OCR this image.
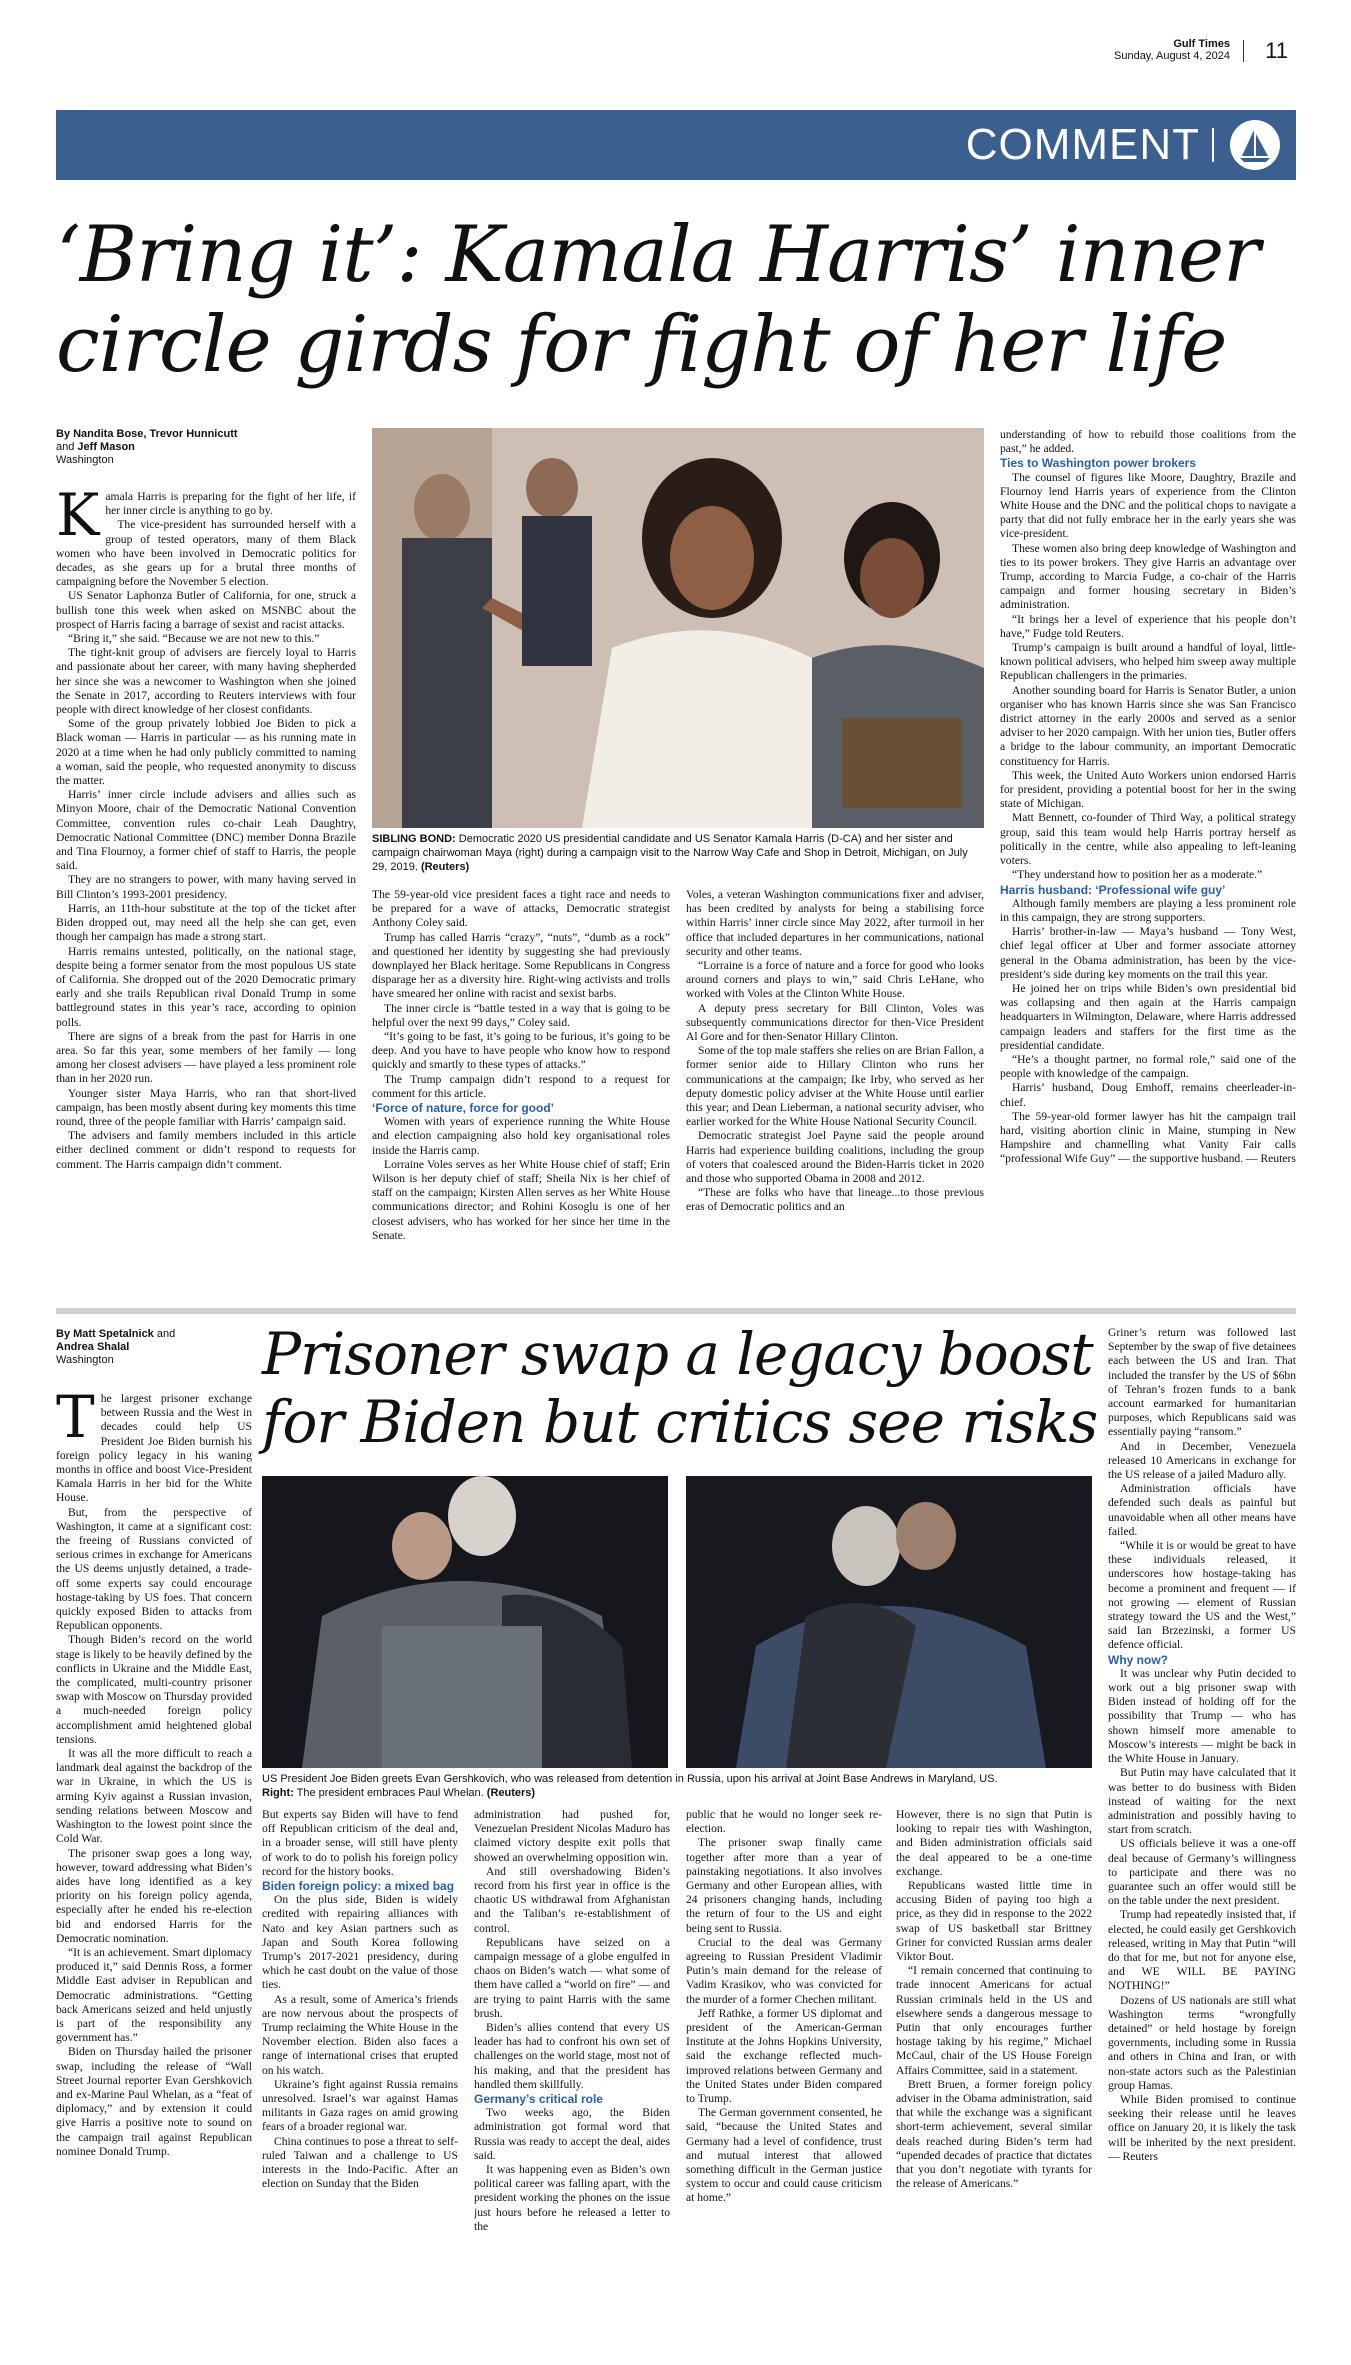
Gulf Times
Sunday, August 4, 2024 11
COMMENT
‘Bring it’: Kamala Harris’ inner
circle girds for fight of her life
By Nandita Bose, Trevor Hunnicutt
and Jeff Mason
Washington
K amala Harris is preparing for the fight of her life, if her inner circle is anything to go by.

The vice-president has surrounded herself with a group of tested operators, many of them Black women who have been involved in Democratic politics for decades, as she gears up for a brutal three months of campaigning before the November 5 election.

US Senator Laphonza Butler of California, for one, struck a bullish tone this week when asked on MSNBC about the prospect of Harris facing a barrage of sexist and racist attacks.

“Bring it,” she said. “Because we are not new to this.”

The tight-knit group of advisers are fiercely loyal to Harris and passionate about her career, with many having shepherded her since she was a newcomer to Washington when she joined the Senate in 2017, according to Reuters interviews with four people with direct knowledge of her closest confidants.

Some of the group privately lobbied Joe Biden to pick a Black woman — Harris in particular — as his running mate in 2020 at a time when he had only publicly committed to naming a woman, said the people, who requested anonymity to discuss the matter.

Harris’ inner circle include advisers and allies such as Minyon Moore, chair of the Democratic National Convention Committee, convention rules co-chair Leah Daughtry, Democratic National Committee (DNC) member Donna Brazile and Tina Flournoy, a former chief of staff to Harris, the people said.

They are no strangers to power, with many having served in Bill Clinton’s 1993-2001 presidency.

Harris, an 11th-hour substitute at the top of the ticket after Biden dropped out, may need all the help she can get, even though her campaign has made a strong start.

Harris remains untested, politically, on the national stage, despite being a former senator from the most populous US state of California. She dropped out of the 2020 Democratic primary early and she trails Republican rival Donald Trump in some battleground states in this year’s race, according to opinion polls.

There are signs of a break from the past for Harris in one area. So far this year, some members of her family — long among her closest advisers — have played a less prominent role than in her 2020 run.

Younger sister Maya Harris, who ran that short-lived campaign, has been mostly absent during key moments this time round, three of the people familiar with Harris’ campaign said.

The advisers and family members included in this article either declined comment or didn’t respond to requests for comment. The Harris campaign didn’t comment.

SIBLING BOND: Democratic 2020 US presidential candidate and US Senator Kamala Harris (D-CA) and her sister and campaign chairwoman Maya (right) during a campaign visit to the Narrow Way Cafe and Shop in Detroit, Michigan, on July 29, 2019. (Reuters)

The 59-year-old vice president faces a tight race and needs to be prepared for a wave of attacks, Democratic strategist Anthony Coley said.

Trump has called Harris “crazy”, “nuts”, “dumb as a rock” and questioned her identity by suggesting she had previously downplayed her Black heritage. Some Republicans in Congress disparage her as a diversity hire. Right-wing activists and trolls have smeared her online with racist and sexist barbs.

The inner circle is “battle tested in a way that is going to be helpful over the next 99 days,” Coley said.

“It’s going to be fast, it’s going to be furious, it’s going to be deep. And you have to have people who know how to respond quickly and smartly to these types of attacks.”

The Trump campaign didn’t respond to a request for comment for this article.

‘Force of nature, force for good’

Women with years of experience running the White House and election campaigning also hold key organisational roles inside the Harris camp.

Lorraine Voles serves as her White House chief of staff; Erin Wilson is her deputy chief of staff; Sheila Nix is her chief of staff on the campaign; Kirsten Allen serves as her White House communications director; and Rohini Kosoglu is one of her closest advisers, who has worked for her since her time in the Senate.

Voles, a veteran Washington communications fixer and adviser, has been credited by analysts for being a stabilising force within Harris’ inner circle since May 2022, after turmoil in her office that included departures in her communications, national security and other teams.

“Lorraine is a force of nature and a force for good who looks around corners and plays to win,” said Chris LeHane, who worked with Voles at the Clinton White House.

A deputy press secretary for Bill Clinton, Voles was subsequently communications director for then-Vice President Al Gore and for then-Senator Hillary Clinton.

Some of the top male staffers she relies on are Brian Fallon, a former senior aide to Hillary Clinton who runs her communications at the campaign; Ike Irby, who served as her deputy domestic policy adviser at the White House until earlier this year; and Dean Lieberman, a national security adviser, who earlier worked for the White House National Security Council.

Democratic strategist Joel Payne said the people around Harris had experience building coalitions, including the group of voters that coalesced around the Biden-Harris ticket in 2020 and those who supported Obama in 2008 and 2012.

“These are folks who have that lineage...to those previous eras of Democratic politics and an

understanding of how to rebuild those coalitions from the past,” he added.

Ties to Washington power brokers

The counsel of figures like Moore, Daughtry, Brazile and Flournoy lend Harris years of experience from the Clinton White House and the DNC and the political chops to navigate a party that did not fully embrace her in the early years she was vice-president.

These women also bring deep knowledge of Washington and ties to its power brokers. They give Harris an advantage over Trump, according to Marcia Fudge, a co-chair of the Harris campaign and former housing secretary in Biden’s administration.

“It brings her a level of experience that his people don’t have,” Fudge told Reuters.

Trump’s campaign is built around a handful of loyal, little-known political advisers, who helped him sweep away multiple Republican challengers in the primaries.

Another sounding board for Harris is Senator Butler, a union organiser who has known Harris since she was San Francisco district attorney in the early 2000s and served as a senior adviser to her 2020 campaign. With her union ties, Butler offers a bridge to the labour community, an important Democratic constituency for Harris.

This week, the United Auto Workers union endorsed Harris for president, providing a potential boost for her in the swing state of Michigan.

Matt Bennett, co-founder of Third Way, a political strategy group, said this team would help Harris portray herself as politically in the centre, while also appealing to left-leaning voters.

“They understand how to position her as a moderate.”

Harris husband: ‘Professional wife guy’

Although family members are playing a less prominent role in this campaign, they are strong supporters.

Harris’ brother-in-law — Maya’s husband — Tony West, chief legal officer at Uber and former associate attorney general in the Obama administration, has been by the vice-president’s side during key moments on the trail this year.

He joined her on trips while Biden’s own presidential bid was collapsing and then again at the Harris campaign headquarters in Wilmington, Delaware, where Harris addressed campaign leaders and staffers for the first time as the presidential candidate.

“He’s a thought partner, no formal role,” said one of the people with knowledge of the campaign.

Harris’ husband, Doug Emhoff, remains cheerleader-in-chief.

The 59-year-old former lawyer has hit the campaign trail hard, visiting abortion clinic in Maine, stumping in New Hampshire and channelling what Vanity Fair calls “professional Wife Guy” — the supportive husband. — Reuters

By Matt Spetalnick and
Andrea Shalal
Washington	Prisoner swap a legacy boost
for Biden but critics see risks
US President Joe Biden greets Evan Gershkovich, who was released from detention in Russia, upon his arrival at Joint Base Andrews in Maryland, US.
Right: The president embraces Paul Whelan. (Reuters)
T he largest prisoner exchange between Russia and the West in decades could help US President Joe Biden burnish his foreign policy legacy in his waning months in office and boost Vice-President Kamala Harris in her bid for the White House.

But, from the perspective of Washington, it came at a significant cost: the freeing of Russians convicted of serious crimes in exchange for Americans the US deems unjustly detained, a trade-off some experts say could encourage hostage-taking by US foes. That concern quickly exposed Biden to attacks from Republican opponents.

Though Biden’s record on the world stage is likely to be heavily defined by the conflicts in Ukraine and the Middle East, the complicated, multi-country prisoner swap with Moscow on Thursday provided a much-needed foreign policy accomplishment amid heightened global tensions.

It was all the more difficult to reach a landmark deal against the backdrop of the war in Ukraine, in which the US is arming Kyiv against a Russian invasion, sending relations between Moscow and Washington to the lowest point since the Cold War.

The prisoner swap goes a long way, however, toward addressing what Biden’s aides have long identified as a key priority on his foreign policy agenda, especially after he ended his re-election bid and endorsed Harris for the Democratic nomination.

“It is an achievement. Smart diplomacy produced it,” said Dennis Ross, a former Middle East adviser in Republican and Democratic administrations. “Getting back Americans seized and held unjustly is part of the responsibility any government has.”

Biden on Thursday hailed the prisoner swap, including the release of “Wall Street Journal reporter Evan Gershkovich and ex-Marine Paul Whelan, as a “feat of diplomacy,” and by extension it could give Harris a positive note to sound on the campaign trail against Republican nominee Donald Trump.

But experts say Biden will have to fend off Republican criticism of the deal and, in a broader sense, will still have plenty of work to do to polish his foreign policy record for the history books.

Biden foreign policy: a mixed bag

On the plus side, Biden is widely credited with repairing alliances with Nato and key Asian partners such as Japan and South Korea following Trump’s 2017-2021 presidency, during which he cast doubt on the value of those ties.

As a result, some of America’s friends are now nervous about the prospects of Trump reclaiming the White House in the November election. Biden also faces a range of international crises that erupted on his watch.

Ukraine’s fight against Russia remains unresolved. Israel’s war against Hamas militants in Gaza rages on amid growing fears of a broader regional war.

China continues to pose a threat to self-ruled Taiwan and a challenge to US interests in the Indo-Pacific. After an election on Sunday that the Biden

administration had pushed for, Venezuelan President Nicolas Maduro has claimed victory despite exit polls that showed an overwhelming opposition win.

And still overshadowing Biden’s record from his first year in office is the chaotic US withdrawal from Afghanistan and the Taliban’s re-establishment of control.

Republicans have seized on a campaign message of a globe engulfed in chaos on Biden’s watch — what some of them have called a “world on fire” — and are trying to paint Harris with the same brush.

Biden’s allies contend that every US leader has had to confront his own set of challenges on the world stage, most not of his making, and that the president has handled them skillfully.

Germany’s critical role

Two weeks ago, the Biden administration got formal word that Russia was ready to accept the deal, aides said.

It was happening even as Biden’s own political career was falling apart, with the president working the phones on the issue just hours before he released a letter to the

public that he would no longer seek re-election.

The prisoner swap finally came together after more than a year of painstaking negotiations. It also involves Germany and other European allies, with 24 prisoners changing hands, including the return of four to the US and eight being sent to Russia.

Crucial to the deal was Germany agreeing to Russian President Vladimir Putin’s main demand for the release of Vadim Krasikov, who was convicted for the murder of a former Chechen militant.

Jeff Rathke, a former US diplomat and president of the American-German Institute at the Johns Hopkins University, said the exchange reflected much-improved relations between Germany and the United States under Biden compared to Trump.

The German government consented, he said, “because the United States and Germany had a level of confidence, trust and mutual interest that allowed something difficult in the German justice system to occur and could cause criticism at home.”

However, there is no sign that Putin is looking to repair ties with Washington, and Biden administration officials said the deal appeared to be a one-time exchange.

Republicans wasted little time in accusing Biden of paying too high a price, as they did in response to the 2022 swap of US basketball star Brittney Griner for convicted Russian arms dealer Viktor Bout.

“I remain concerned that continuing to trade innocent Americans for actual Russian criminals held in the US and elsewhere sends a dangerous message to Putin that only encourages further hostage taking by his regime,” Michael McCaul, chair of the US House Foreign Affairs Committee, said in a statement.

Brett Bruen, a former foreign policy adviser in the Obama administration, said that while the exchange was a significant short-term achievement, several similar deals reached during Biden’s term had “upended decades of practice that dictates that you don’t negotiate with tyrants for the release of Americans.”

Griner’s return was followed last September by the swap of five detainees each between the US and Iran. That included the transfer by the US of $6bn of Tehran’s frozen funds to a bank account earmarked for humanitarian purposes, which Republicans said was essentially paying “ransom.”

And in December, Venezuela released 10 Americans in exchange for the US release of a jailed Maduro ally.

Administration officials have defended such deals as painful but unavoidable when all other means have failed.

“While it is or would be great to have these individuals released, it underscores how hostage-taking has become a prominent and frequent — if not growing — element of Russian strategy toward the US and the West,” said Ian Brzezinski, a former US defence official.

Why now?

It was unclear why Putin decided to work out a big prisoner swap with Biden instead of holding off for the possibility that Trump — who has shown himself more amenable to Moscow’s interests — might be back in the White House in January.

But Putin may have calculated that it was better to do business with Biden instead of waiting for the next administration and possibly having to start from scratch.

US officials believe it was a one-off deal because of Germany’s willingness to participate and there was no guarantee such an offer would still be on the table under the next president.

Trump had repeatedly insisted that, if elected, he could easily get Gershkovich released, writing in May that Putin “will do that for me, but not for anyone else, and WE WILL BE PAYING NOTHING!”

Dozens of US nationals are still what Washington terms “wrongfully detained” or held hostage by foreign governments, including some in Russia and others in China and Iran, or with non-state actors such as the Palestinian group Hamas.

While Biden promised to continue seeking their release until he leaves office on January 20, it is likely the task will be inherited by the next president. — Reuters
